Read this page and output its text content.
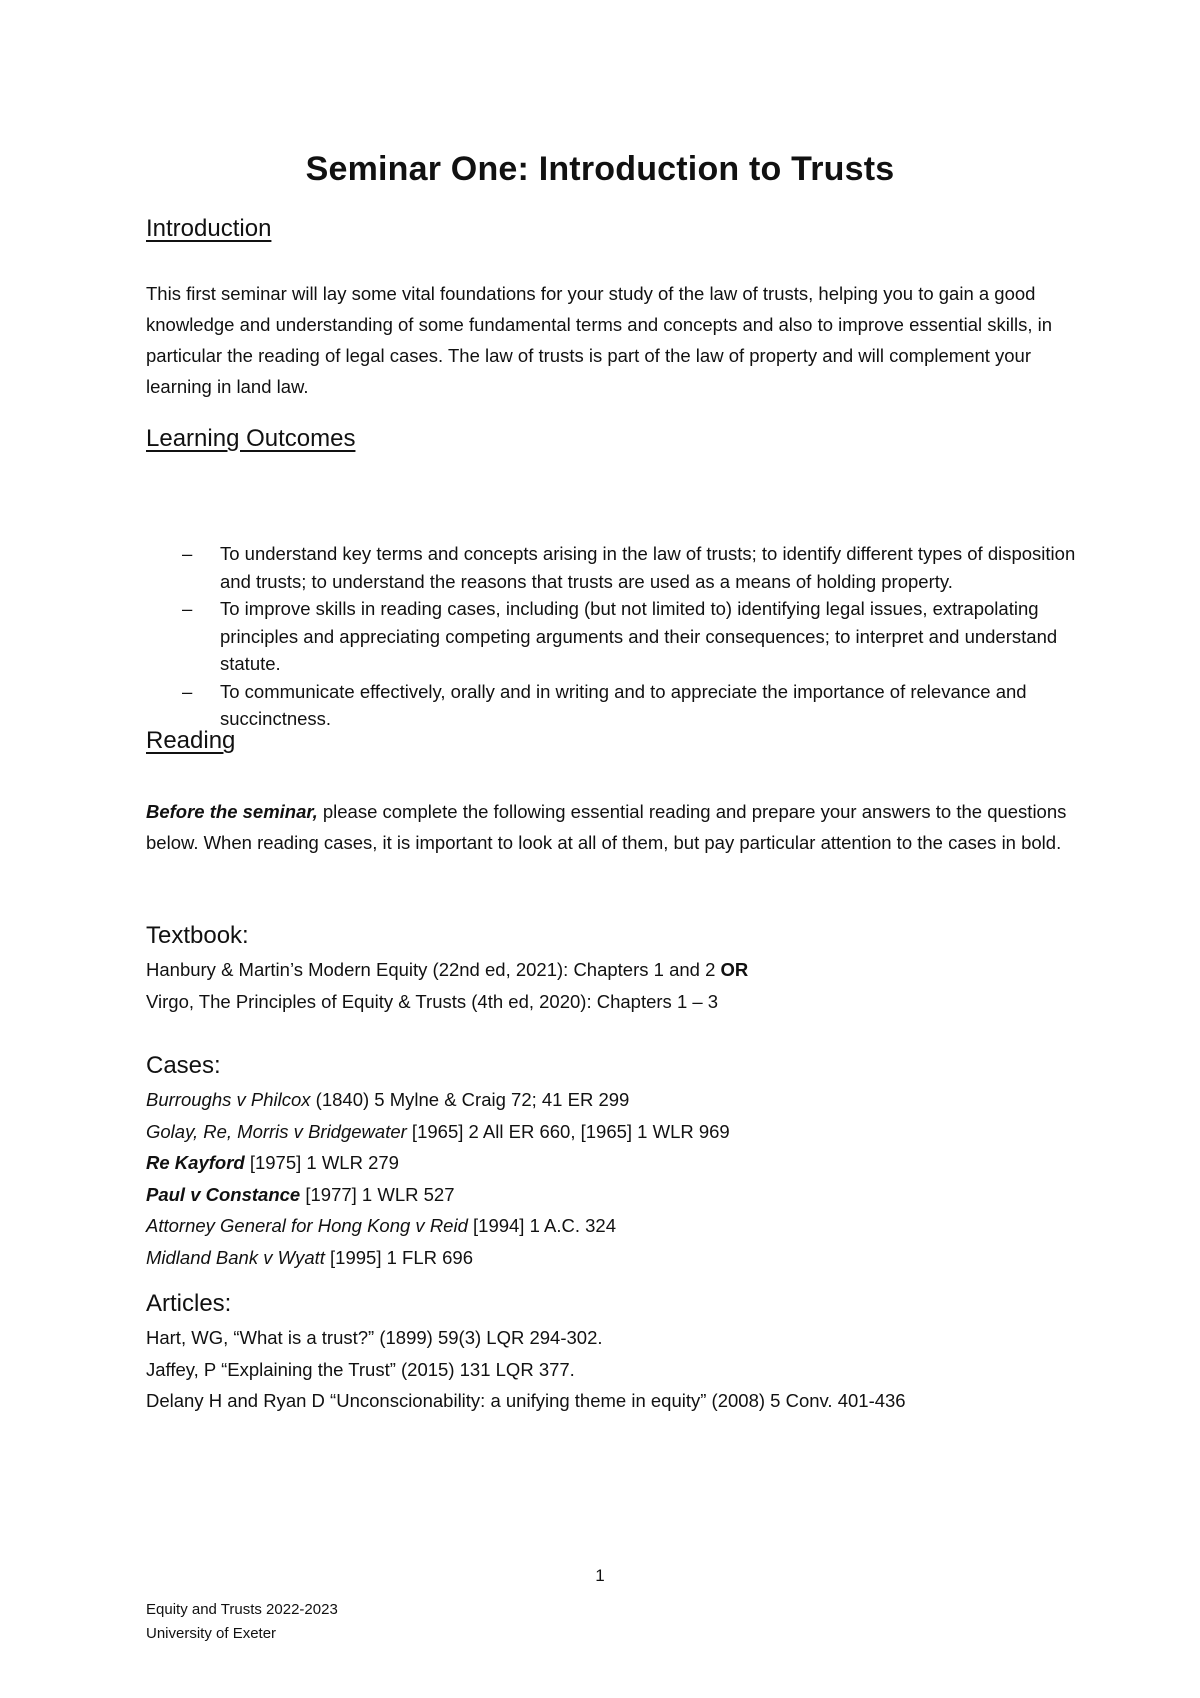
Seminar One: Introduction to Trusts
Introduction
This first seminar will lay some vital foundations for your study of the law of trusts, helping you to gain a good knowledge and understanding of some fundamental terms and concepts and also to improve essential skills, in particular the reading of legal cases. The law of trusts is part of the law of property and will complement your learning in land law.
Learning Outcomes
– To understand key terms and concepts arising in the law of trusts; to identify different types of disposition and trusts; to understand the reasons that trusts are used as a means of holding property.
– To improve skills in reading cases, including (but not limited to) identifying legal issues, extrapolating principles and appreciating competing arguments and their consequences; to interpret and understand statute.
– To communicate effectively, orally and in writing and to appreciate the importance of relevance and succinctness.
Reading
Before the seminar, please complete the following essential reading and prepare your answers to the questions below. When reading cases, it is important to look at all of them, but pay particular attention to the cases in bold.
Textbook:
Hanbury & Martin’s Modern Equity (22nd ed, 2021): Chapters 1 and 2 OR
Virgo, The Principles of Equity & Trusts (4th ed, 2020): Chapters 1 – 3
Cases:
Burroughs v Philcox (1840) 5 Mylne & Craig 72; 41 ER 299
Golay, Re, Morris v Bridgewater [1965] 2 All ER 660, [1965] 1 WLR 969
Re Kayford [1975] 1 WLR 279
Paul v Constance [1977] 1 WLR 527
Attorney General for Hong Kong v Reid [1994] 1 A.C. 324
Midland Bank v Wyatt [1995] 1 FLR 696
Articles:
Hart, WG, “What is a trust?” (1899) 59(3) LQR 294-302.
Jaffey, P “Explaining the Trust” (2015) 131 LQR 377.
Delany H and Ryan D “Unconscionability: a unifying theme in equity” (2008) 5 Conv. 401-436
1
Equity and Trusts 2022-2023
University of Exeter
